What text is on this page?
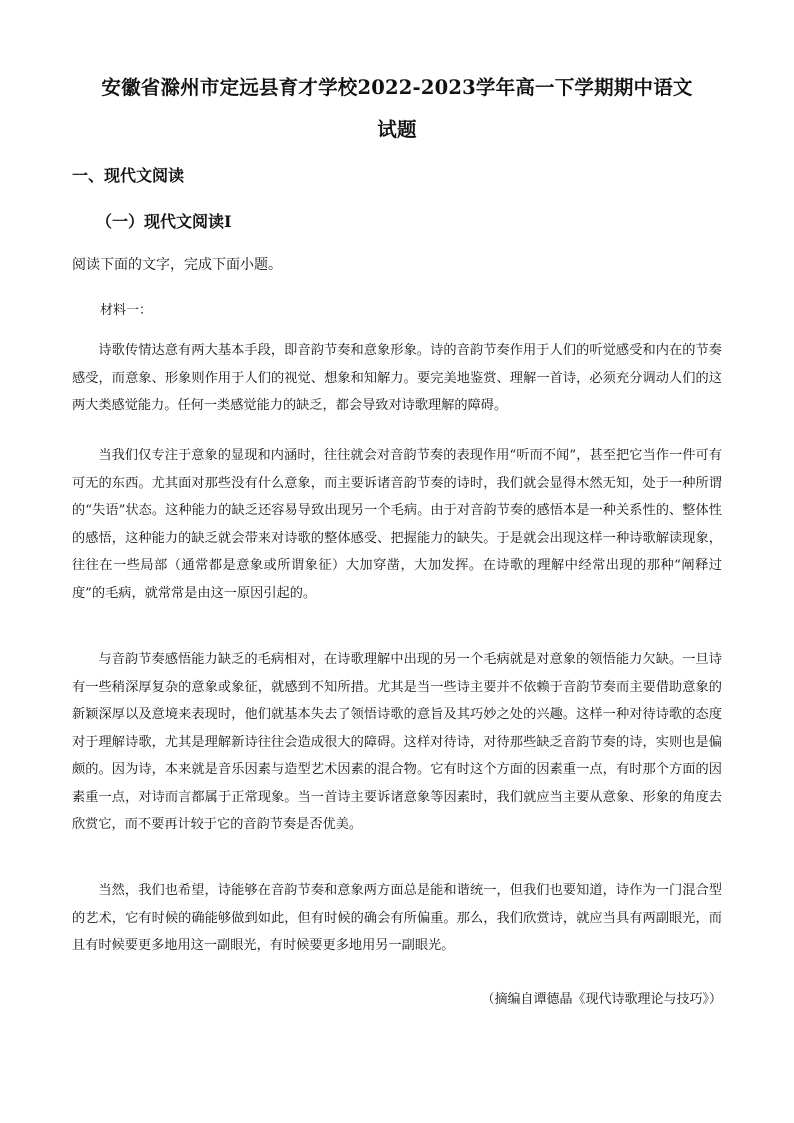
安徽省滁州市定远县育才学校2022-2023学年高一下学期期中语文
试题
一、现代文阅读
（一）现代文阅读Ⅰ

阅读下面的文字，完成下面小题。

材料一：

诗歌传情达意有两大基本手段，即音韵节奏和意象形象。诗的音韵节奏作用于人们的听觉感受和内在的节奏感受，而意象、形象则作用于人们的视觉、想象和知解力。要完美地鉴赏、理解一首诗，必须充分调动人们的这两大类感觉能力。任何一类感觉能力的缺乏，都会导致对诗歌理解的障碍。

当我们仅专注于意象的显现和内涵时，往往就会对音韵节奏的表现作用“听而不闻”，甚至把它当作一件可有可无的东西。尤其面对那些没有什么意象，而主要诉诸音韵节奏的诗时，我们就会显得木然无知，处于一种所谓的“失语”状态。这种能力的缺乏还容易导致出现另一个毛病。由于对音韵节奏的感悟本是一种关系性的、整体性的感悟，这种能力的缺乏就会带来对诗歌的整体感受、把握能力的缺失。于是就会出现这样一种诗歌解读现象，往往在一些局部（通常都是意象或所谓象征）大加穿凿，大加发挥。在诗歌的理解中经常出现的那种“阐释过度”的毛病，就常常是由这一原因引起的。

与音韵节奏感悟能力缺乏的毛病相对，在诗歌理解中出现的另一个毛病就是对意象的领悟能力欠缺。一旦诗有一些稍深厚复杂的意象或象征，就感到不知所措。尤其是当一些诗主要并不依赖于音韵节奏而主要借助意象的新颖深厚以及意境来表现时，他们就基本失去了领悟诗歌的意旨及其巧妙之处的兴趣。这样一种对待诗歌的态度对于理解诗歌，尤其是理解新诗往往会造成很大的障碍。这样对待诗，对待那些缺乏音韵节奏的诗，实则也是偏颇的。因为诗，本来就是音乐因素与造型艺术因素的混合物。它有时这个方面的因素重一点，有时那个方面的因素重一点，对诗而言都属于正常现象。当一首诗主要诉诸意象等因素时，我们就应当主要从意象、形象的角度去欣赏它，而不要再计较于它的音韵节奏是否优美。

当然，我们也希望，诗能够在音韵节奏和意象两方面总是能和谐统一，但我们也要知道，诗作为一门混合型的艺术，它有时候的确能够做到如此，但有时候的确会有所偏重。那么，我们欣赏诗，就应当具有两副眼光，而且有时候要更多地用这一副眼光，有时候要更多地用另一副眼光。

（摘编自谭德晶《现代诗歌理论与技巧》）
